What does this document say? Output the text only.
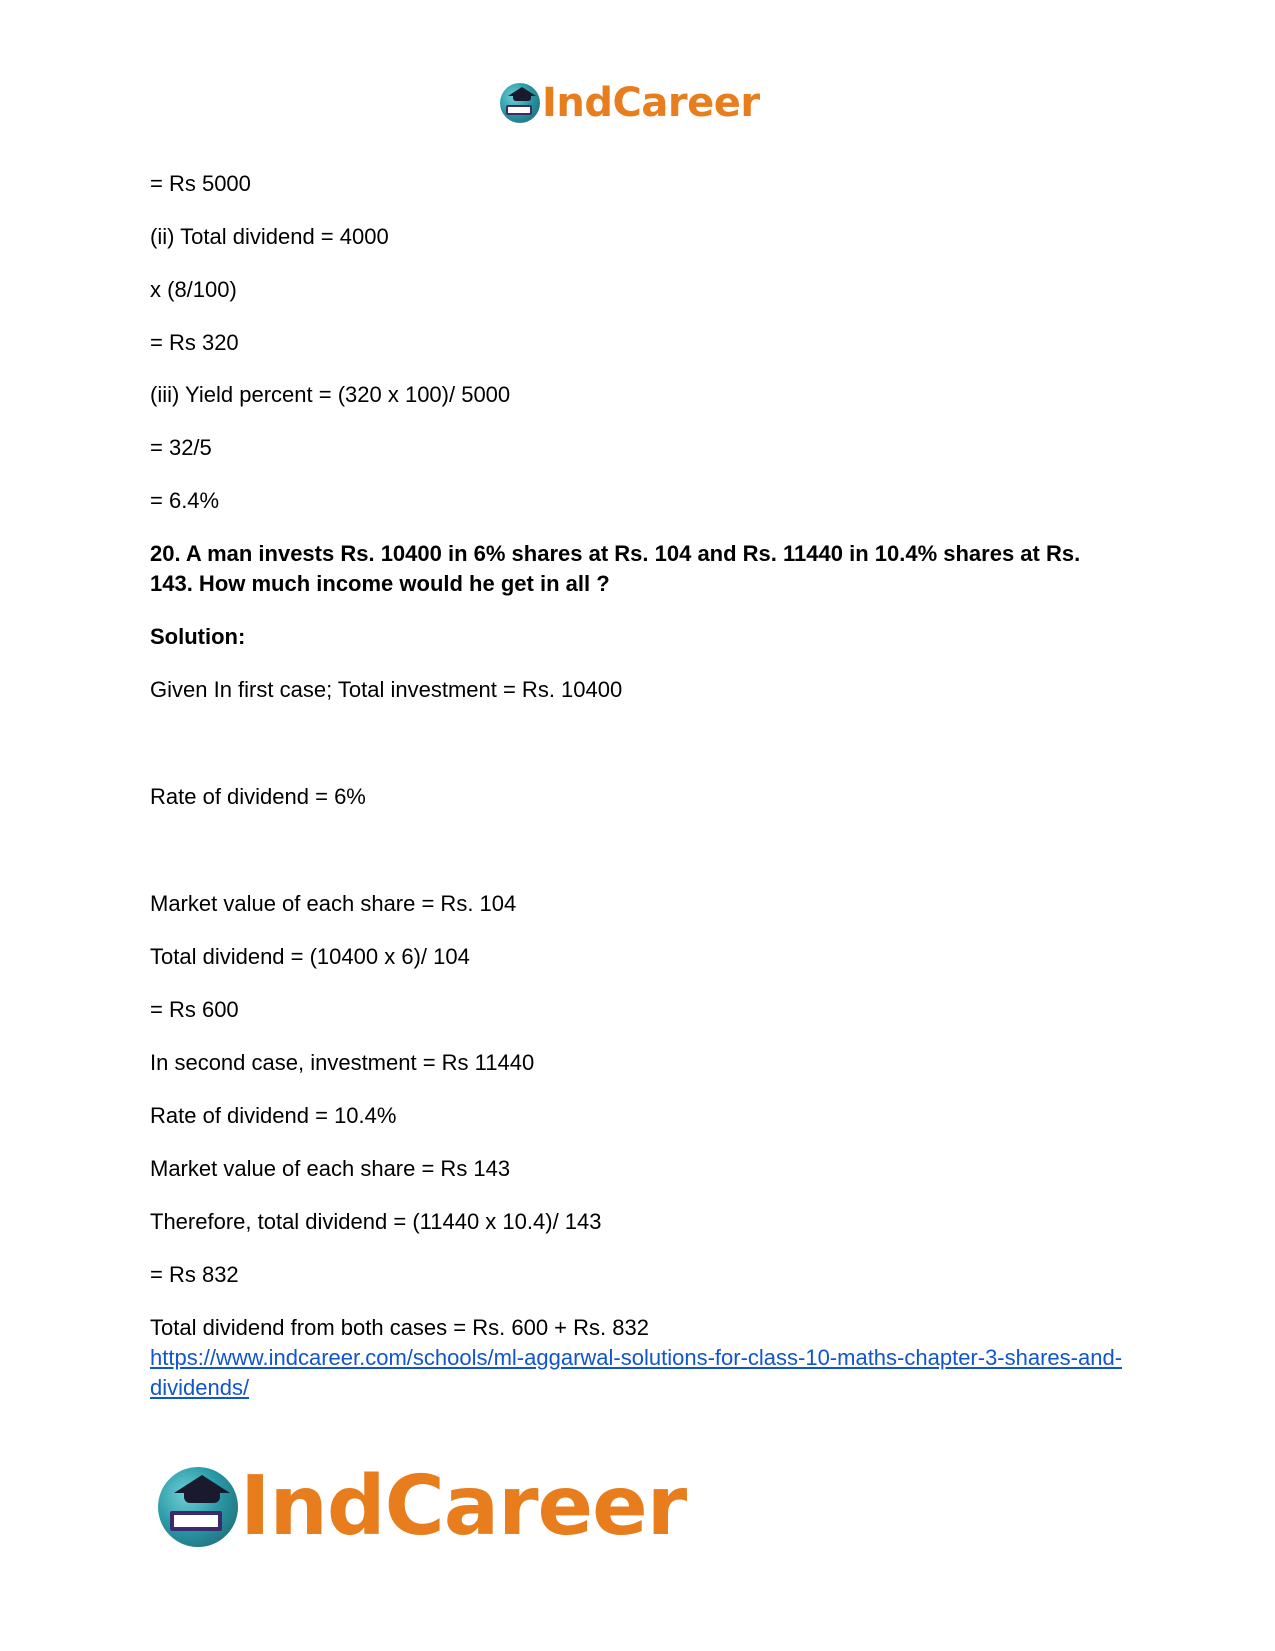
IndCareer
= Rs 5000
(ii) Total dividend = 4000
x (8/100)
= Rs 320
(iii) Yield percent = (320 x 100)/ 5000
= 32/5
= 6.4%
20. A man invests Rs. 10400 in 6% shares at Rs. 104 and Rs. 11440 in 10.4% shares at Rs. 143. How much income would he get in all ?
Solution:
Given In first case; Total investment = Rs. 10400
Rate of dividend = 6%
Market value of each share = Rs. 104
Total dividend = (10400 x 6)/ 104
= Rs 600
In second case, investment = Rs 11440
Rate of dividend = 10.4%
Market value of each share = Rs 143
Therefore, total dividend = (11440 x 10.4)/ 143
= Rs 832
Total dividend from both cases = Rs. 600 + Rs. 832
https://www.indcareer.com/schools/ml-aggarwal-solutions-for-class-10-maths-chapter-3-shares-and-dividends/
IndCareer
